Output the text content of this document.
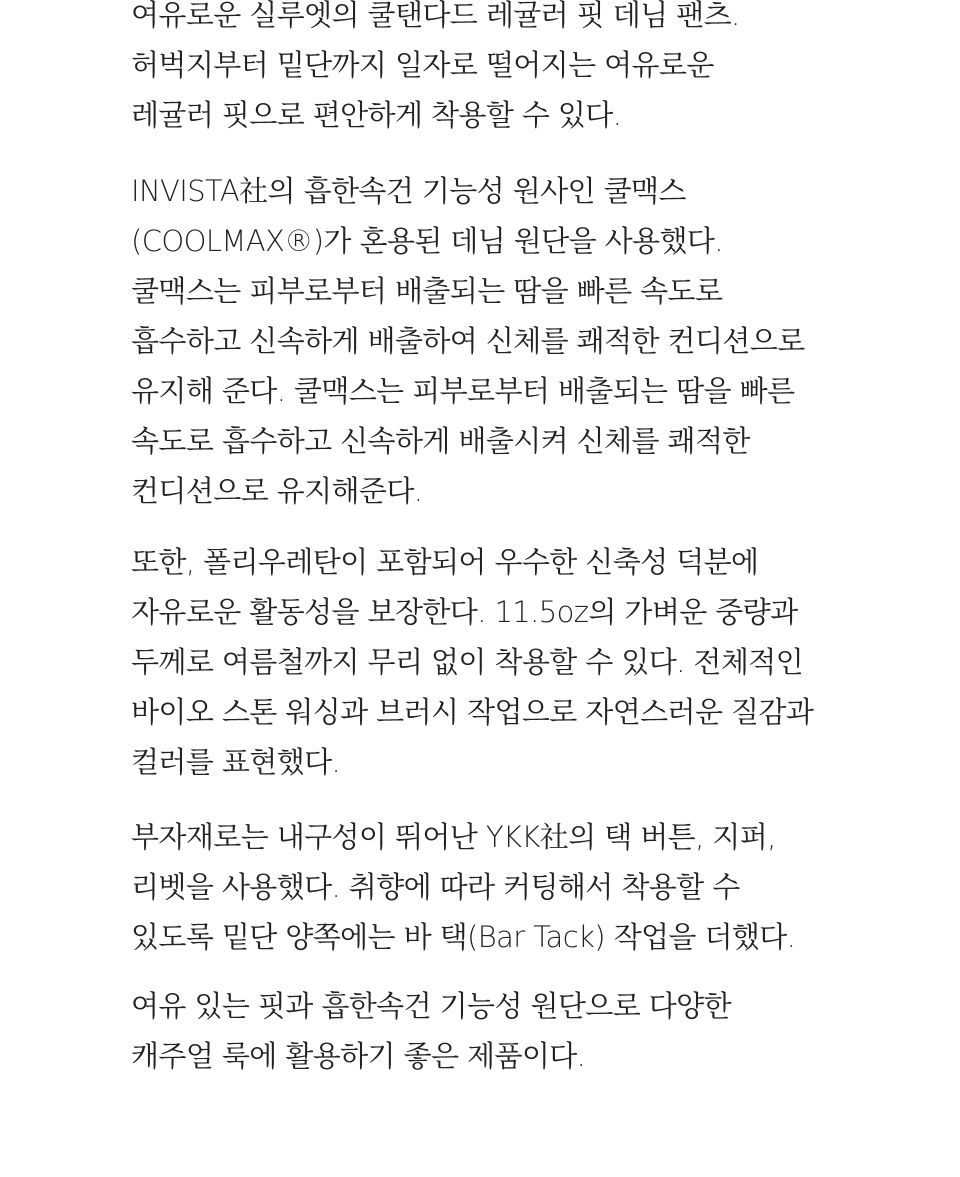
여유로운 실루엣의 쿨탠다드 레귤러 핏 데님 팬츠.
허벅지부터 밑단까지 일자로 떨어지는 여유로운
레귤러 핏으로 편안하게 착용할 수 있다.
INVISTA社의 흡한속건 기능성 원사인 쿨맥스
(COOLMAX®)가 혼용된 데님 원단을 사용했다.
쿨맥스는 피부로부터 배출되는 땀을 빠른 속도로
흡수하고 신속하게 배출하여 신체를 쾌적한 컨디션으로
유지해 준다. 쿨맥스는 피부로부터 배출되는 땀을 빠른
속도로 흡수하고 신속하게 배출시켜 신체를 쾌적한
컨디션으로 유지해준다.
또한, 폴리우레탄이 포함되어 우수한 신축성 덕분에
자유로운 활동성을 보장한다. 11.5oz의 가벼운 중량과
두께로 여름철까지 무리 없이 착용할 수 있다. 전체적인
바이오 스톤 워싱과 브러시 작업으로 자연스러운 질감과
컬러를 표현했다.
부자재로는 내구성이 뛰어난 YKK社의 택 버튼, 지퍼,
리벳을 사용했다. 취향에 따라 커팅해서 착용할 수
있도록 밑단 양쪽에는 바 택(Bar Tack) 작업을 더했다.
여유 있는 핏과 흡한속건 기능성 원단으로 다양한
캐주얼 룩에 활용하기 좋은 제품이다.
